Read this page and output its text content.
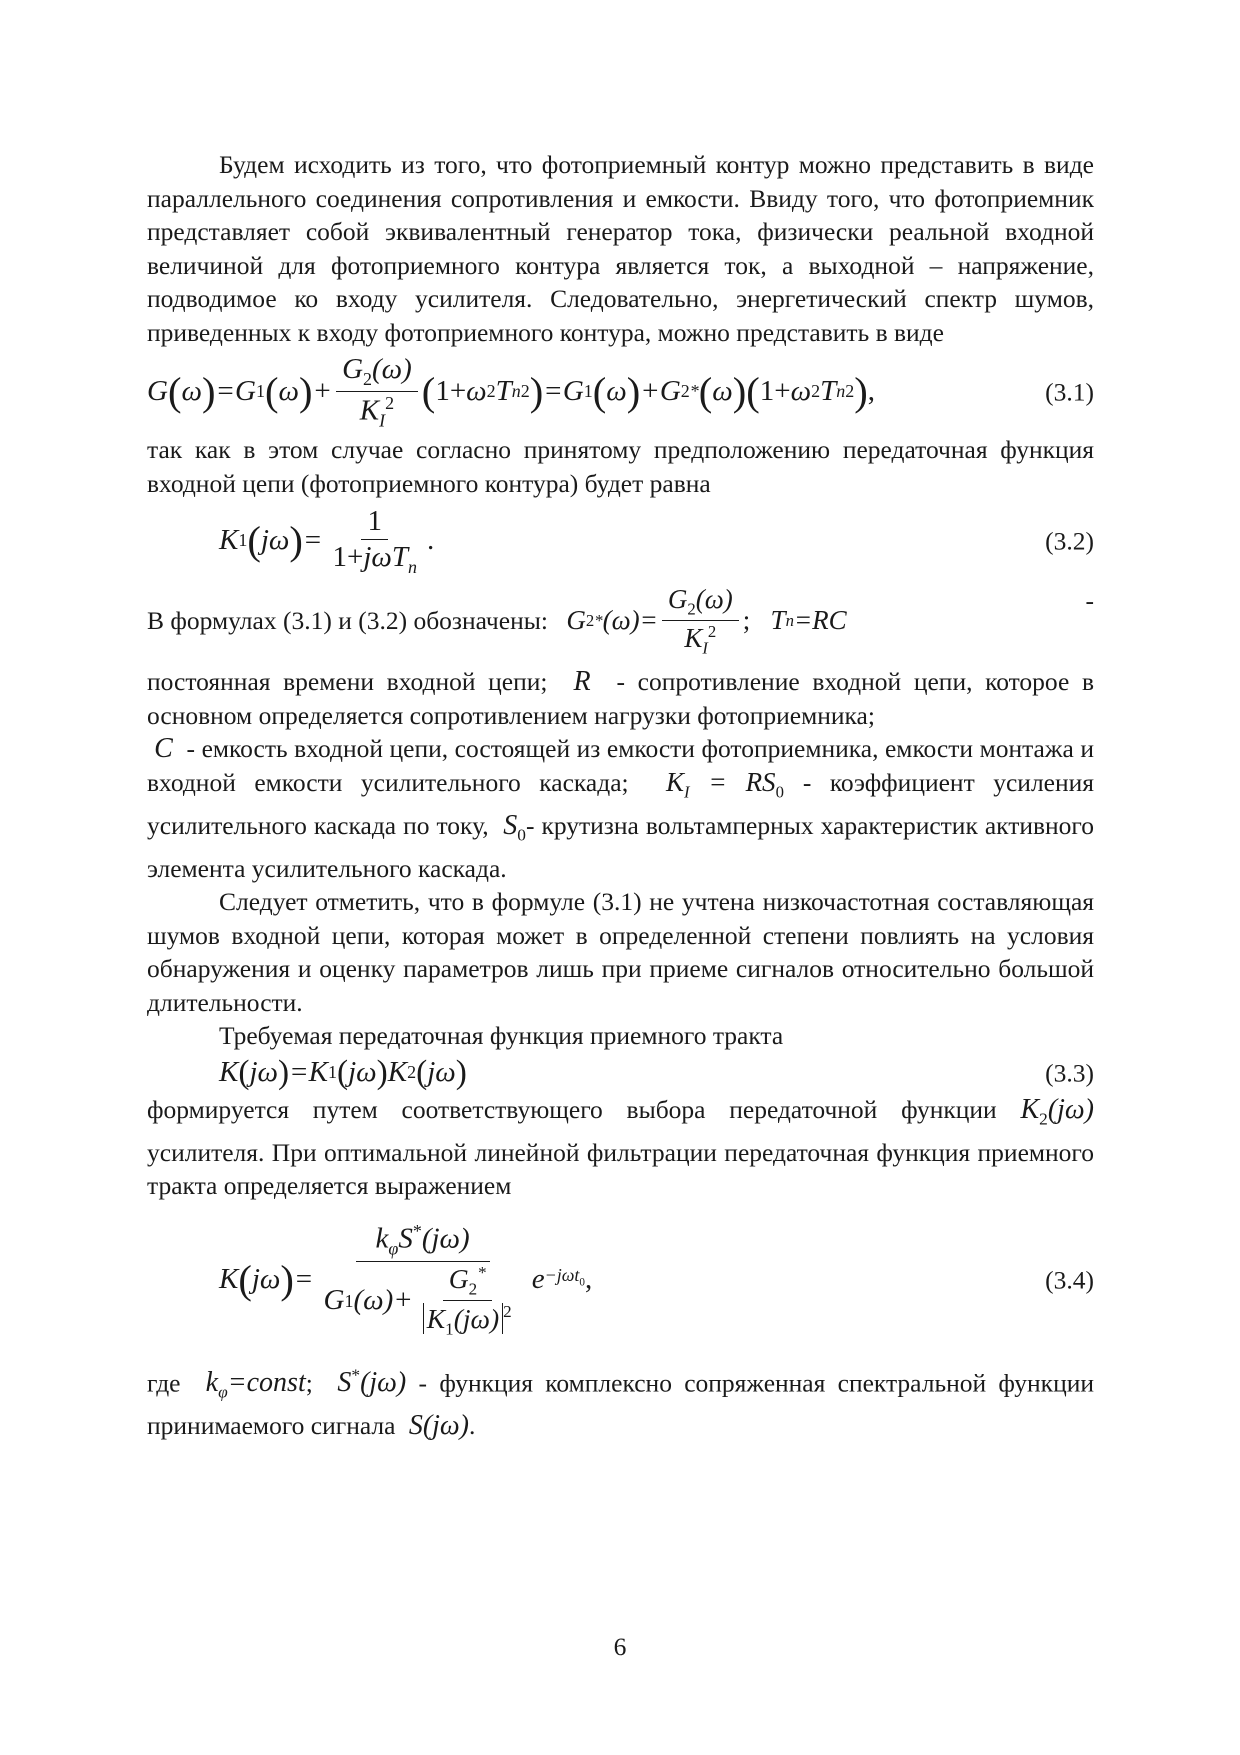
Будем исходить из того, что фотоприемный контур можно представить в виде параллельного соединения сопротивления и емкости. Ввиду того, что фотоприемник представляет собой эквивалентный генератор тока, физически реальной входной величиной для фотоприемного контура является ток, а выходной – напряжение, подводимое ко входу усилителя. Следовательно, энергетический спектр шумов, приведенных к входу фотоприемного контура, можно представить в виде

G ( ω ) =G 1 ( ω ) + $\frac{G_2(\omega)}{K_I^2}$ ( 1+ ω 2 T n 2 ) =G 1 ( ω ) +G 2 * ( ω ) ( 1+ ω 2 T n 2 ) ,	(3.1)

так как в этом случае согласно принятому предположению передаточная функция входной цепи (фотоприемного контура) будет равна

K 1 ( jω ) = $\frac{1}{1+j\omega T_n}$ .	(3.2)

В формулах (3.1) и (3.2) обозначены: G $2 * (\omega)= \frac{G_2(\omega)}{K_I^2}$ ; T n =RC
-

постоянная времени входной цепи;  R  - сопротивление входной цепи, которое в основном определяется сопротивлением нагрузки фотоприемника;

C  - емкость входной цепи, состоящей из емкости фотоприемника, емкости монтажа и входной емкости усилительного каскада;  $K_I = RS_0$ - коэффициент усиления усилительного каскада по току,  $S_0-$ крутизна вольтамперных характеристик активного элемента усилительного каскада.

Следует отметить, что в формуле (3.1) не учтена низкочастотная составляющая шумов входной цепи, которая может в определенной степени повлиять на условия обнаружения и оценку параметров лишь при приеме сигналов относительно большой длительности.

Требуемая передаточная функция приемного тракта

K ( jω ) =K 1 ( jω ) K 2 ( jω )	(3.3)

формируется путем соответствующего выбора передаточной функции $K_2(j\omega)$ усилителя. При оптимальной линейной фильтрации передаточная функция приемного тракта определяется выражением

K ( jω ) = $\frac{k_\varphi S^*(j\omega)}{G 1 (\omega)+ \frac{G_2^*}{K_1(j\omega) ^2}}$ e −jωt$_0$ ,	(3.4)

где  $k_\varphi=const$;  S*(jω) - функция комплексно сопряженная спектральной функции принимаемого сигнала  S(jω).

6
